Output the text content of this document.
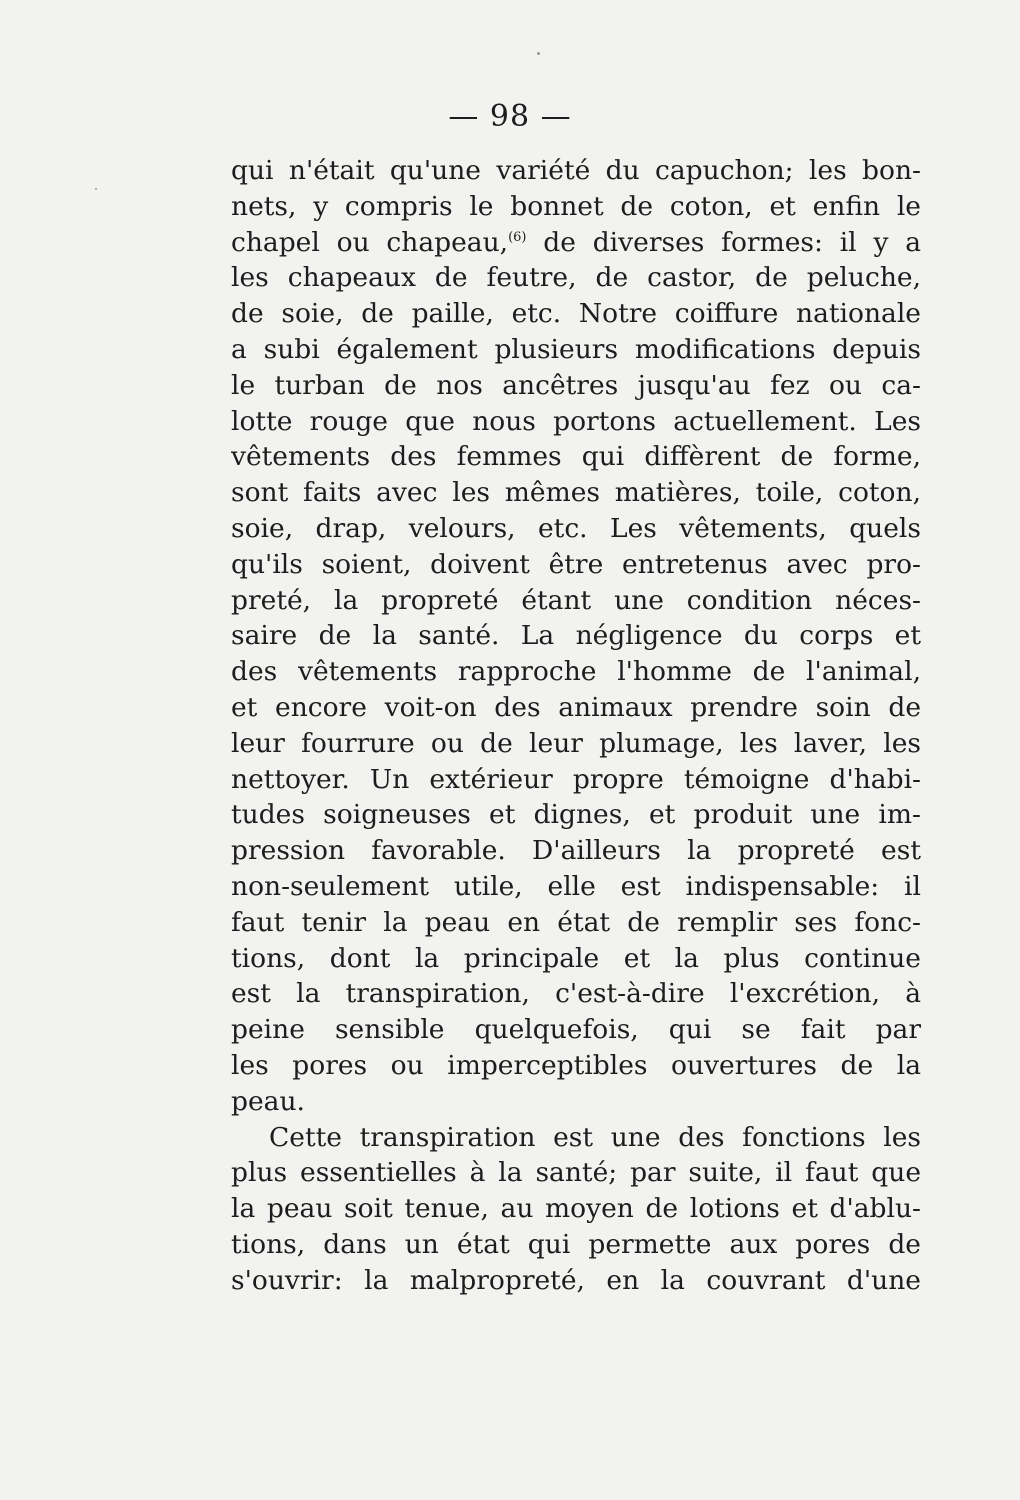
— 98 —
qui n'était qu'une variété du capuchon; les bon-
nets, y compris le bonnet de coton, et enfin le
chapel ou chapeau,$^{(6)}$ de diverses formes: il y a
les chapeaux de feutre, de castor, de peluche,
de soie, de paille, etc. Notre coiffure nationale
a subi également plusieurs modifications depuis
le turban de nos ancêtres jusqu'au fez ou ca-
lotte rouge que nous portons actuellement. Les
vêtements des femmes qui diffèrent de forme,
sont faits avec les mêmes matières, toile, coton,
soie, drap, velours, etc. Les vêtements, quels
qu'ils soient, doivent être entretenus avec pro-
preté, la propreté étant une condition néces-
saire de la santé. La négligence du corps et
des vêtements rapproche l'homme de l'animal,
et encore voit-on des animaux prendre soin de
leur fourrure ou de leur plumage, les laver, les
nettoyer. Un extérieur propre témoigne d'habi-
tudes soigneuses et dignes, et produit une im-
pression favorable. D'ailleurs la propreté est
non-seulement utile, elle est indispensable: il
faut tenir la peau en état de remplir ses fonc-
tions, dont la principale et la plus continue
est la transpiration, c'est-à-dire l'excrétion, à
peine sensible quelquefois, qui se fait par
les pores ou imperceptibles ouvertures de la
peau.
Cette transpiration est une des fonctions les
plus essentielles à la santé; par suite, il faut que
la peau soit tenue, au moyen de lotions et d'ablu-
tions, dans un état qui permette aux pores de
s'ouvrir: la malpropreté, en la couvrant d'une
